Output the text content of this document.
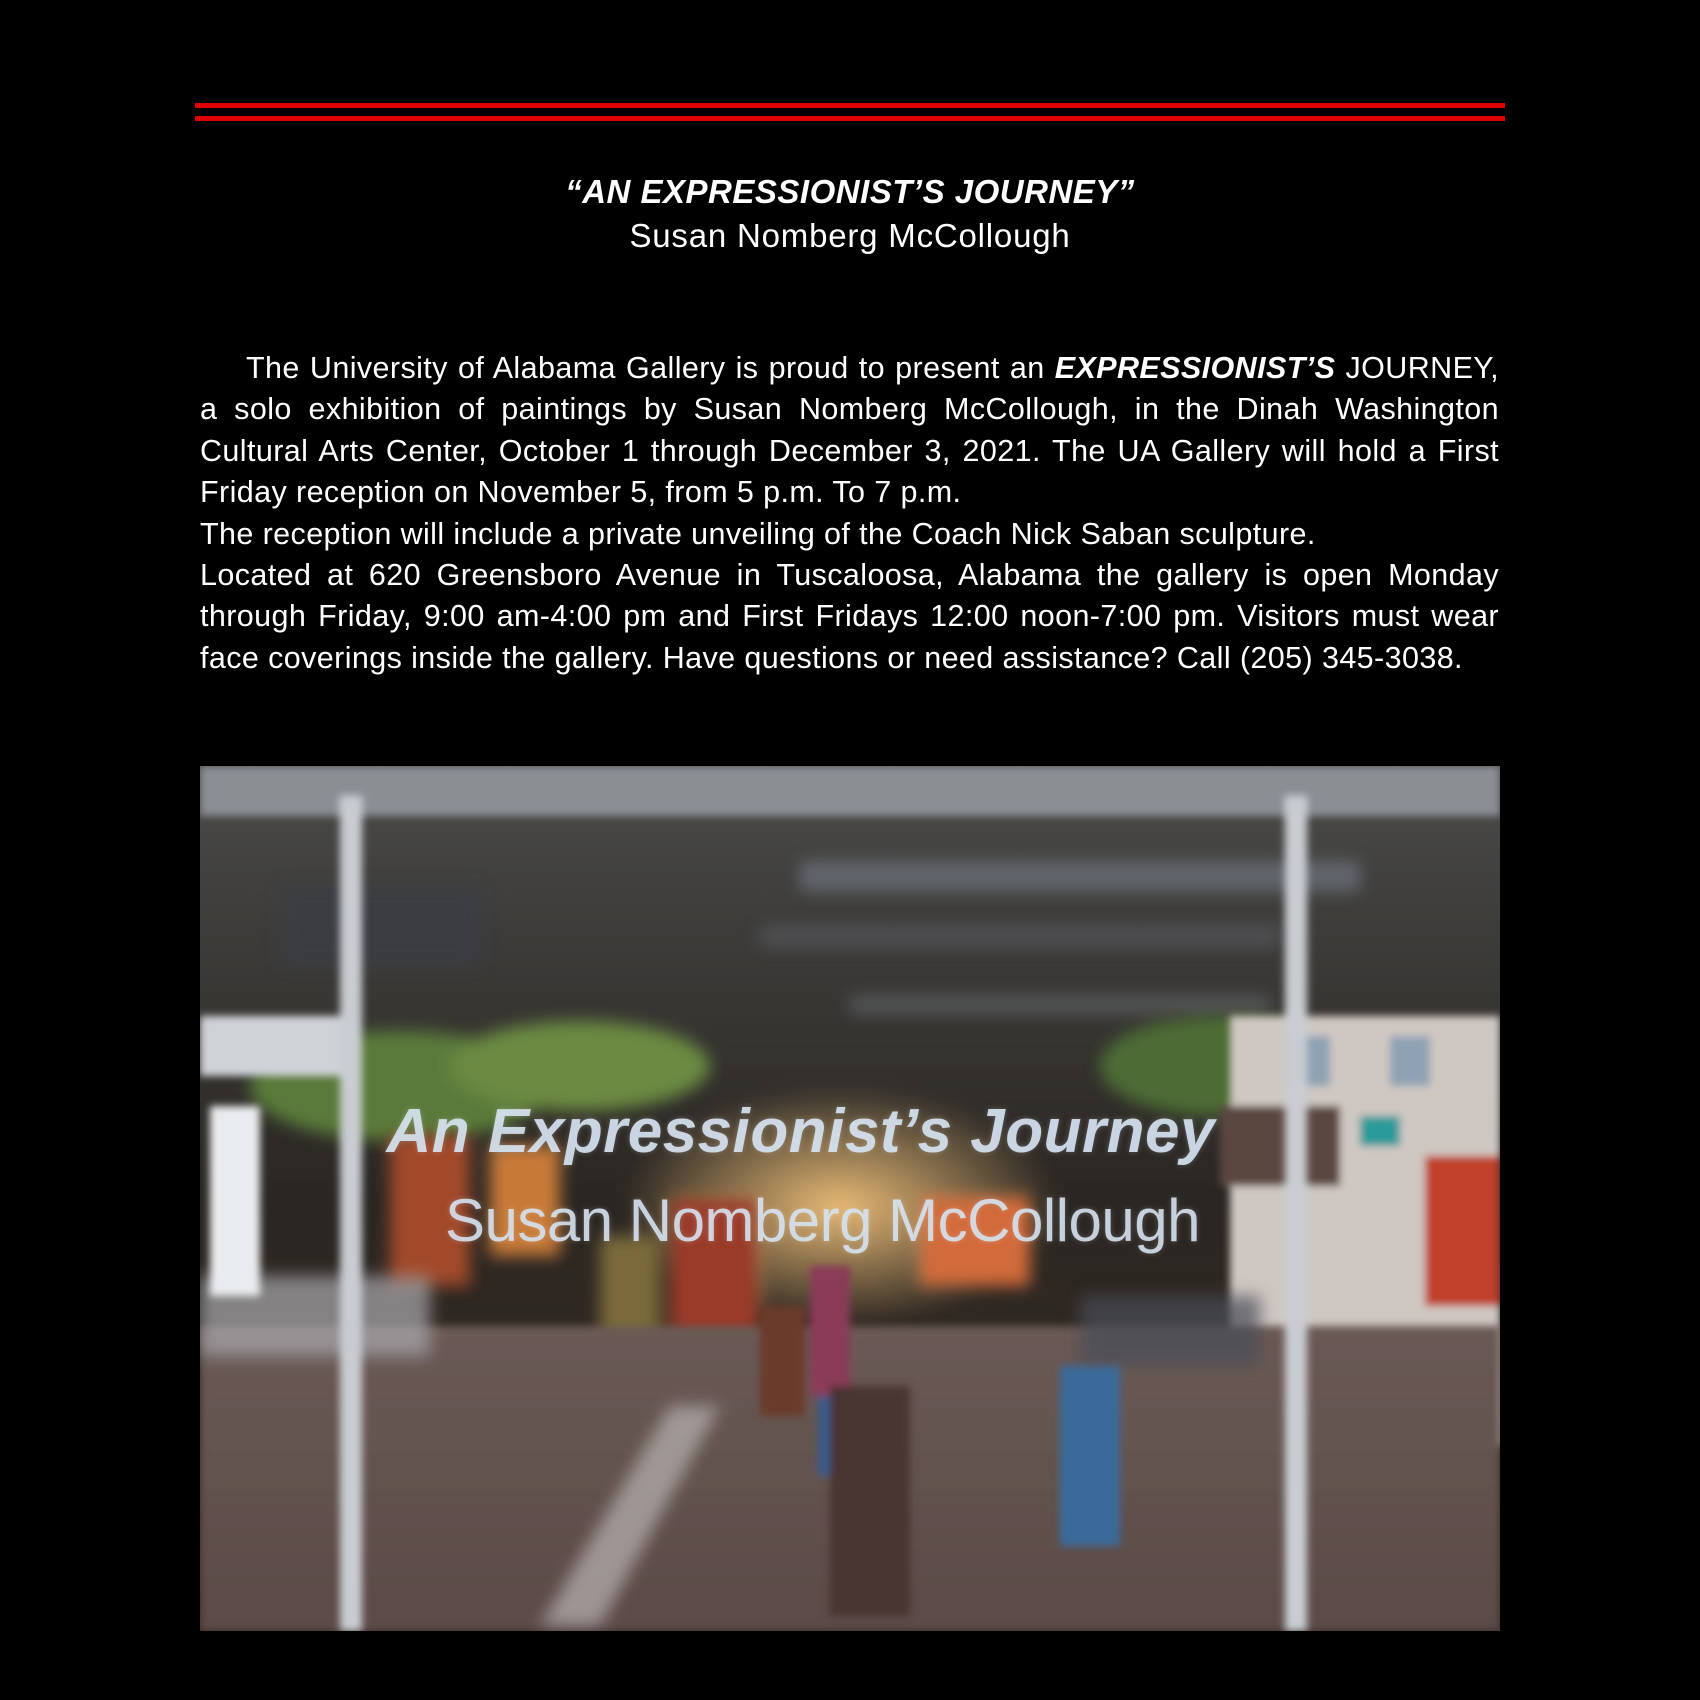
“AN EXPRESSIONIST’S JOURNEY”
Susan Nomberg McCollough

The University of Alabama Gallery is proud to present an EXPRESSIONIST’S JOURNEY, a solo exhibition of paintings by Susan Nomberg McCollough, in the Dinah Washington Cultural Arts Center, October 1 through December 3, 2021. The UA Gallery will hold a First Friday reception on November 5, from 5 p.m. To 7 p.m.

The reception will include a private unveiling of the Coach Nick Saban sculpture.

Located at 620 Greensboro Avenue in Tuscaloosa, Alabama the gallery is open Monday through Friday, 9:00 am-4:00 pm and First Fridays 12:00 noon-7:00 pm. Visitors must wear face coverings inside the gallery. Have questions or need assistance? Call (205) 345-3038.

An Expressionist’s Journey
Susan Nomberg McCollough
